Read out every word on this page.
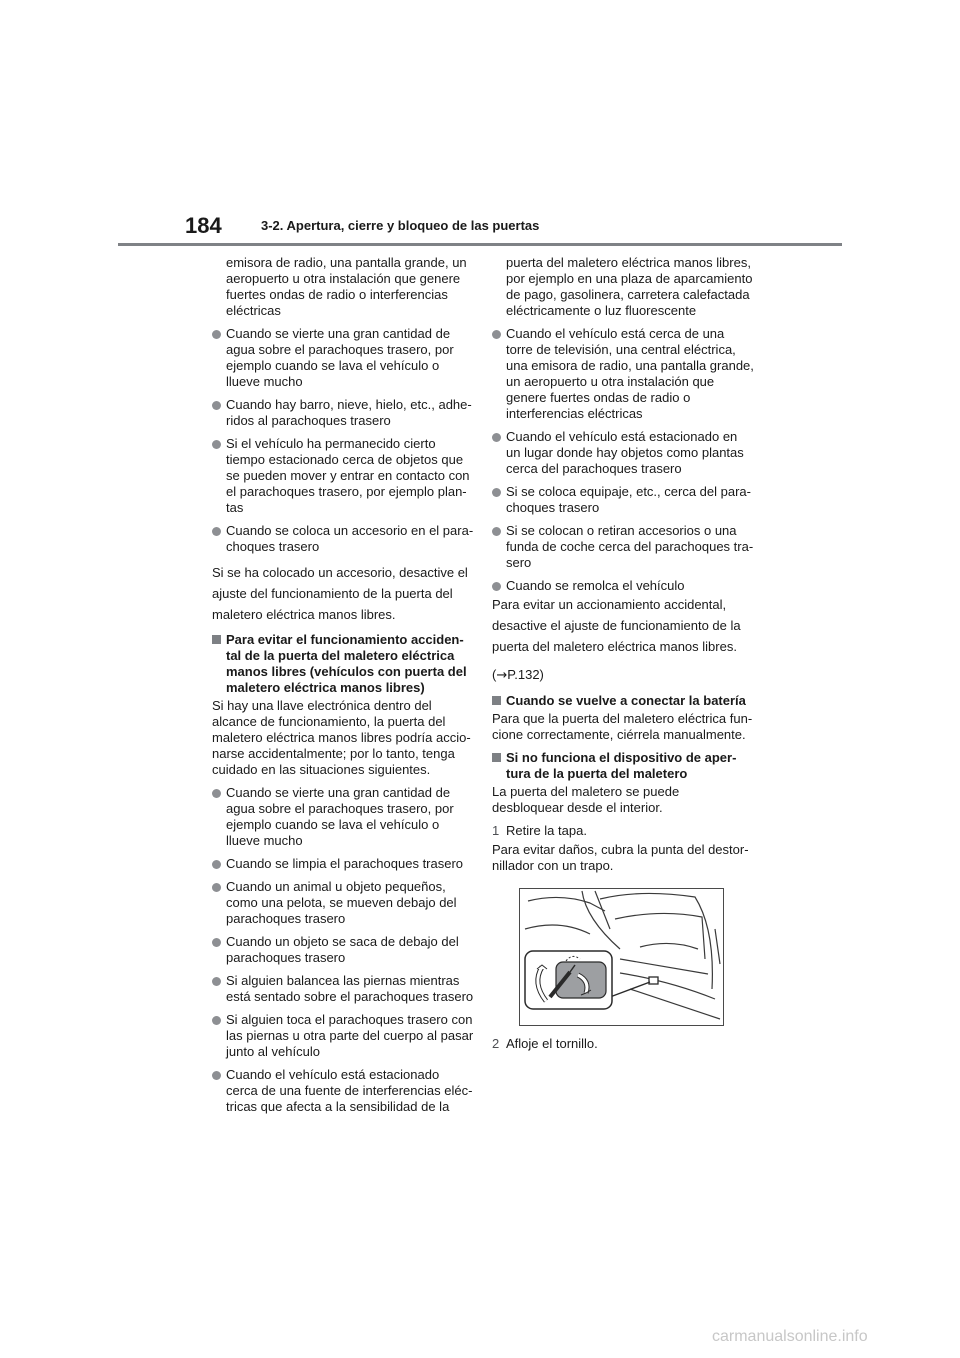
184	3-2. Apertura, cierre y bloqueo de las puertas
emisora de radio, una pantalla grande, un aeropuerto u otra instalación que genere fuertes ondas de radio o interferencias eléctricas
Cuando se vierte una gran cantidad de agua sobre el parachoques trasero, por ejemplo cuando se lava el vehículo o llueve mucho
Cuando hay barro, nieve, hielo, etc., adhe-ridos al parachoques trasero
Si el vehículo ha permanecido cierto tiempo estacionado cerca de objetos que se pueden mover y entrar en contacto con el parachoques trasero, por ejemplo plan-tas
Cuando se coloca un accesorio en el para-choques trasero
Si se ha colocado un accesorio, desactive el ajuste del funcionamiento de la puerta del maletero eléctrica manos libres.
Para evitar el funcionamiento acciden-tal de la puerta del maletero eléctrica manos libres (vehículos con puerta del maletero eléctrica manos libres)
Si hay una llave electrónica dentro del alcance de funcionamiento, la puerta del maletero eléctrica manos libres podría accio-narse accidentalmente; por lo tanto, tenga cuidado en las situaciones siguientes.
Cuando se vierte una gran cantidad de agua sobre el parachoques trasero, por ejemplo cuando se lava el vehículo o llueve mucho
Cuando se limpia el parachoques trasero
Cuando un animal u objeto pequeños, como una pelota, se mueven debajo del parachoques trasero
Cuando un objeto se saca de debajo del parachoques trasero
Si alguien balancea las piernas mientras está sentado sobre el parachoques trasero
Si alguien toca el parachoques trasero con las piernas u otra parte del cuerpo al pasar junto al vehículo
Cuando el vehículo está estacionado cerca de una fuente de interferencias eléc-tricas que afecta a la sensibilidad de la
puerta del maletero eléctrica manos libres, por ejemplo en una plaza de aparcamiento de pago, gasolinera, carretera calefactada eléctricamente o luz fluorescente
Cuando el vehículo está cerca de una torre de televisión, una central eléctrica, una emisora de radio, una pantalla grande, un aeropuerto u otra instalación que genere fuertes ondas de radio o interferencias eléctricas
Cuando el vehículo está estacionado en un lugar donde hay objetos como plantas cerca del parachoques trasero
Si se coloca equipaje, etc., cerca del para-choques trasero
Si se colocan o retiran accesorios o una funda de coche cerca del parachoques tra-sero
Cuando se remolca el vehículo
Para evitar un accionamiento accidental, desactive el ajuste de funcionamiento de la puerta del maletero eléctrica manos libres.
(→P.132)
Cuando se vuelve a conectar la batería
Para que la puerta del maletero eléctrica fun-cione correctamente, ciérrela manualmente.
Si no funciona el dispositivo de aper-tura de la puerta del maletero
La puerta del maletero se puede desbloquear desde el interior.
1 Retire la tapa.
Para evitar daños, cubra la punta del destor-nillador con un trapo.
2 Afloje el tornillo.
carmanualsonline.info
